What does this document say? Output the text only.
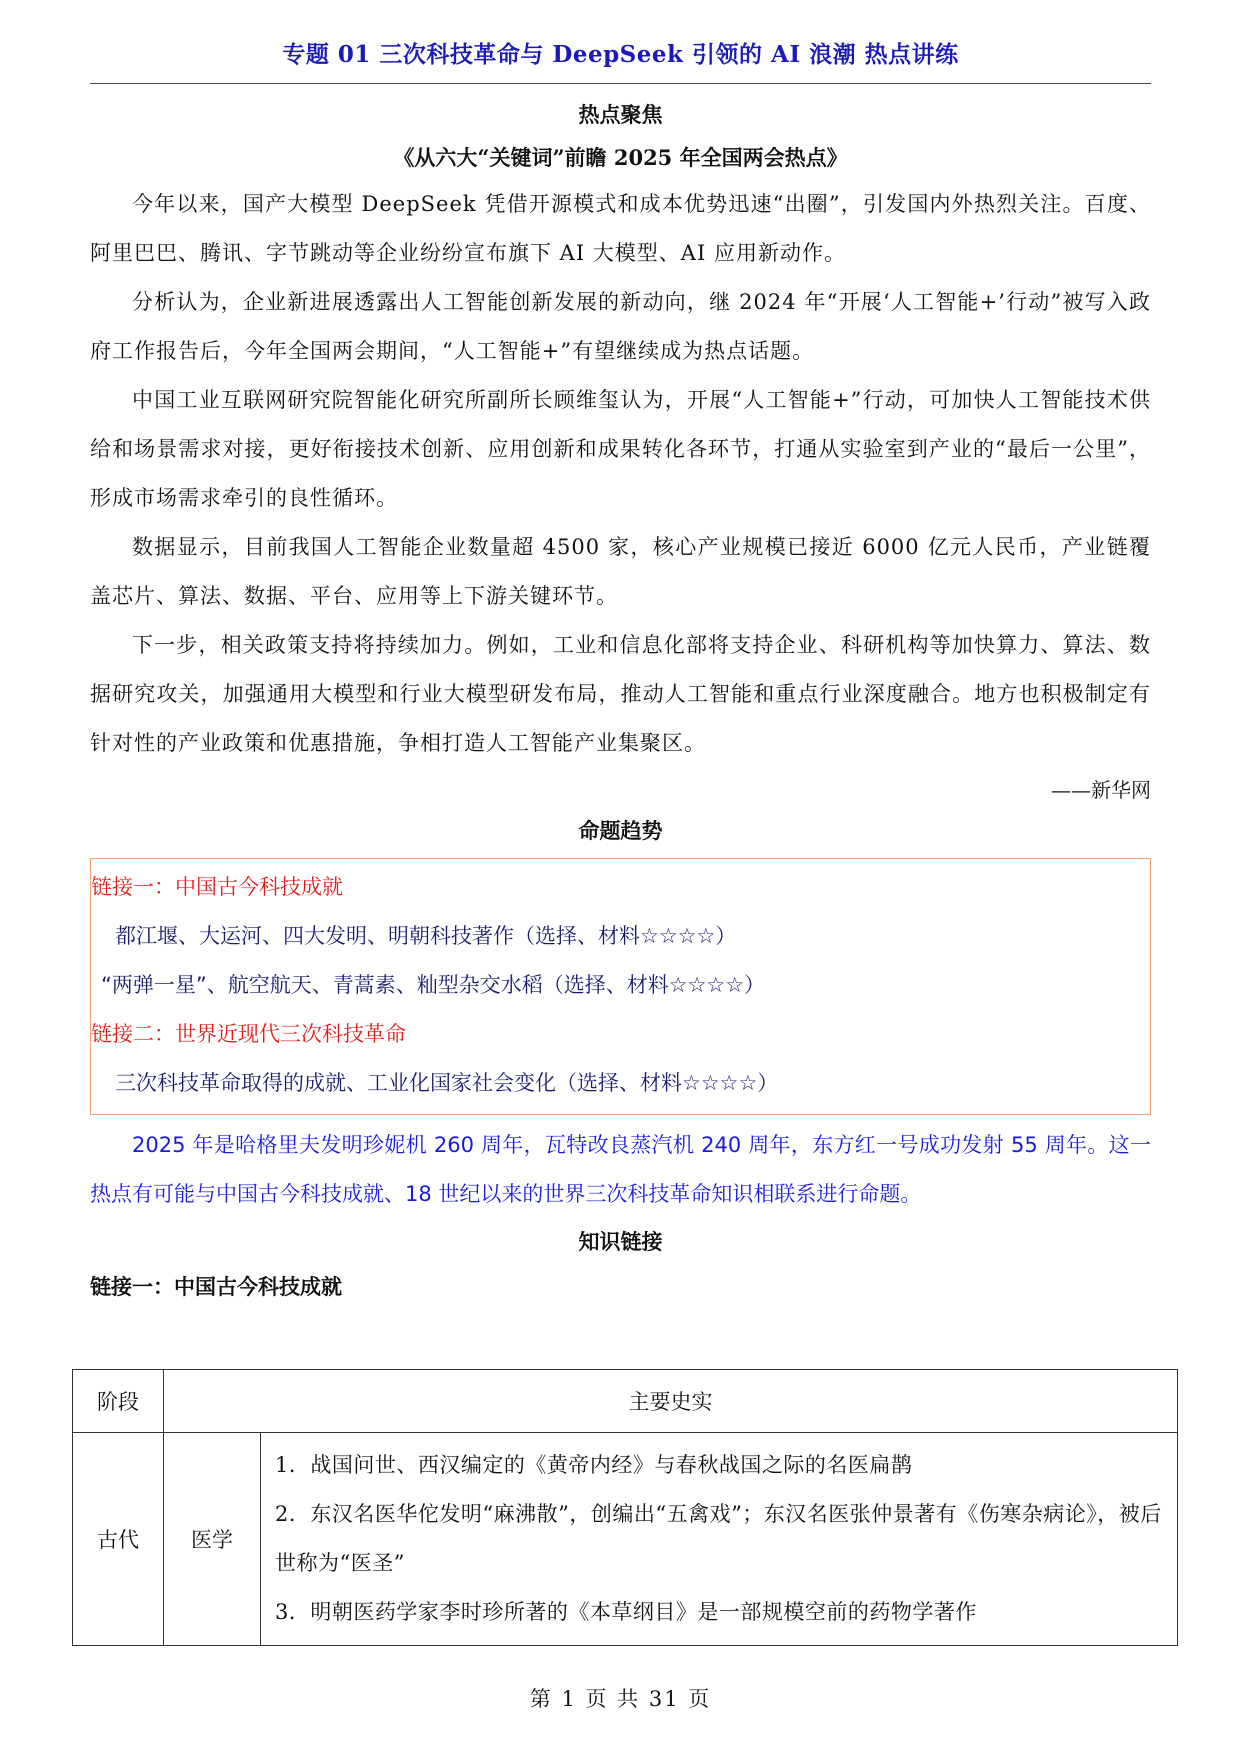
专题 01 三次科技革命与 DeepSeek 引领的 AI 浪潮 热点讲练

热点聚焦

《从六大“关键词”前瞻 2025 年全国两会热点》

今年以来，国产大模型 DeepSeek 凭借开源模式和成本优势迅速“出圈”，引发国内外热烈关注。百度、阿里巴巴、腾讯、字节跳动等企业纷纷宣布旗下 AI 大模型、AI 应用新动作。

分析认为，企业新进展透露出人工智能创新发展的新动向，继 2024 年“开展‘人工智能+’行动”被写入政府工作报告后，今年全国两会期间，“人工智能+”有望继续成为热点话题。

中国工业互联网研究院智能化研究所副所长顾维玺认为，开展“人工智能+”行动，可加快人工智能技术供给和场景需求对接，更好衔接技术创新、应用创新和成果转化各环节，打通从实验室到产业的“最后一公里”，形成市场需求牵引的良性循环。

数据显示，目前我国人工智能企业数量超 4500 家，核心产业规模已接近 6000 亿元人民币，产业链覆盖芯片、算法、数据、平台、应用等上下游关键环节。

下一步，相关政策支持将持续加力。例如，工业和信息化部将支持企业、科研机构等加快算力、算法、数据研究攻关，加强通用大模型和行业大模型研发布局，推动人工智能和重点行业深度融合。地方也积极制定有针对性的产业政策和优惠措施，争相打造人工智能产业集聚区。

——新华网

命题趋势

链接一：中国古今科技成就

都江堰、大运河、四大发明、明朝科技著作（选择、材料☆☆☆☆）

“两弹一星”、航空航天、青蒿素、籼型杂交水稻（选择、材料☆☆☆☆）

链接二：世界近现代三次科技革命

三次科技革命取得的成就、工业化国家社会变化（选择、材料☆☆☆☆）

2025 年是哈格里夫发明珍妮机 260 周年，瓦特改良蒸汽机 240 周年，东方红一号成功发射 55 周年。这一热点有可能与中国古今科技成就、18 世纪以来的世界三次科技革命知识相联系进行命题。

知识链接

链接一：中国古今科技成就

阶段	主要史实	
古代	医学	1．战国问世、西汉编定的《黄帝内经》与春秋战国之际的名医扁鹊

2．东汉名医华佗发明“麻沸散”，创编出“五禽戏”；东汉名医张仲景著有《伤寒杂病论》，被后世称为“医圣”

3．明朝医药学家李时珍所著的《本草纲目》是一部规模空前的药物学著作

第 1 页 共 31 页
